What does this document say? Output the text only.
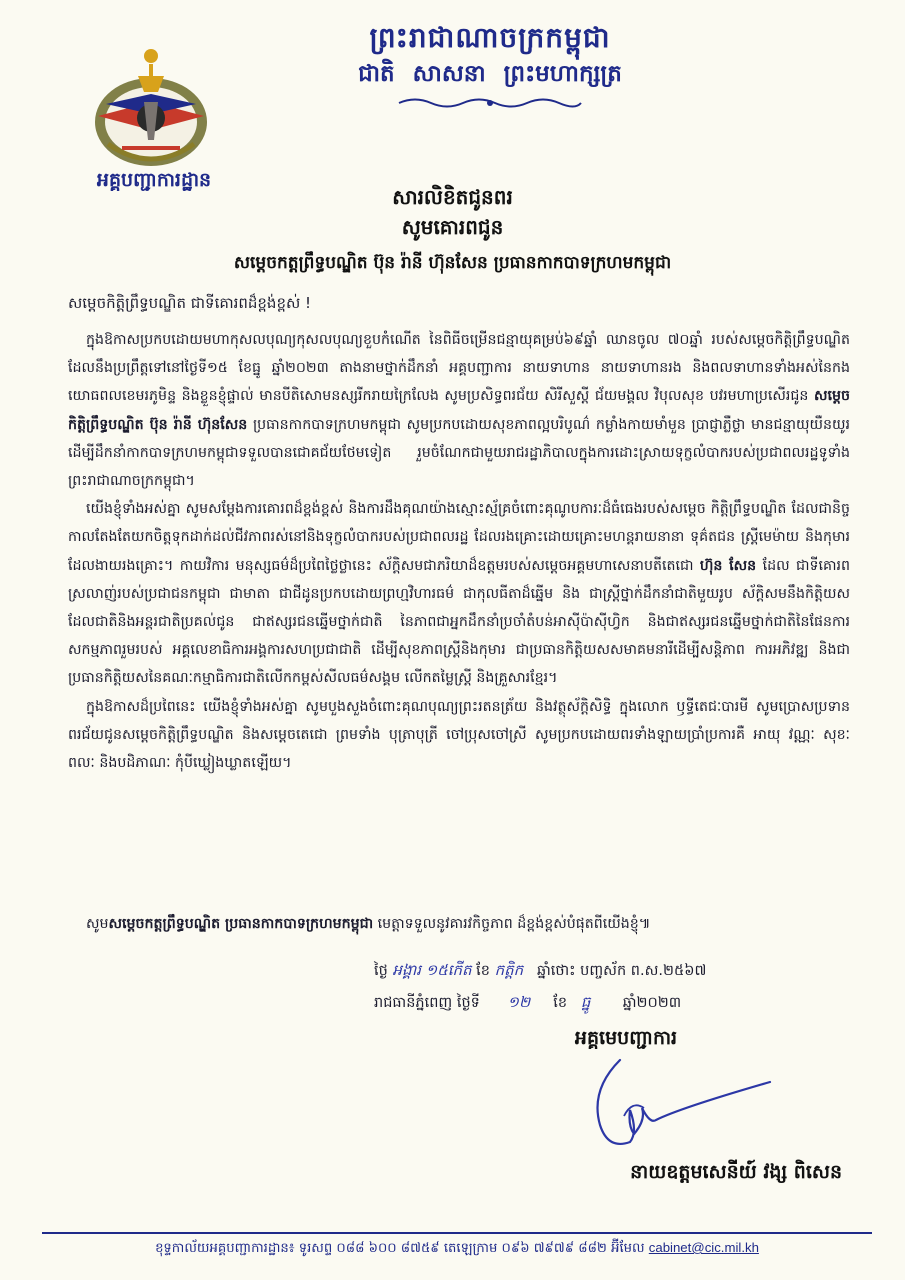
អគ្គបញ្ជាការដ្ឋាន
ព្រះរាជាណាចក្រកម្ពុជា
ជាតិ សាសនា ព្រះមហាក្សត្រ
សារលិខិតជូនពរ
សូមគោរពជូន
សម្តេចកត្តព្រឹទ្ធបណ្ឌិត ប៊ុន រ៉ានី ហ៊ុនសែន ប្រធានកាកបាទក្រហមកម្ពុជា
សម្តេចកិត្តិព្រឹទ្ធបណ្ឌិត ជាទីគោរពដ៏ខ្ពង់ខ្ពស់ !

ក្នុងឱកាសប្រកបដោយមហាកុសលបុណ្យកុសលបុណ្យខួបកំណើត នៃពិធីចម្រើនជន្មាយុគម្រប់៦៩ឆ្នាំ ឈានចូល ៧០ឆ្នាំ របស់សម្តេចកិត្តិព្រឹទ្ធបណ្ឌិត ដែលនឹងប្រព្រឹត្តទៅនៅថ្ងៃទី១៥ ខែធ្នូ ឆ្នាំ២០២៣ តាងនាមថ្នាក់ដឹកនាំ អគ្គបញ្ជាការ នាយទាហាន នាយទាហានរង និងពលទាហានទាំងអស់នៃកងយោធពលខេមរភូមិន្ទ និងខ្លួនខ្ញុំផ្ទាល់ មានបីតិសោមនស្សរីករាយក្រៃលែង សូមប្រសិទ្ធពរជ័យ សិរីសួស្តី ជ័យមង្គល វិបុលសុខ បវរមហាប្រសើរជូន សម្តេចកិត្តិព្រឹទ្ធបណ្ឌិត ប៊ុន រ៉ានី ហ៊ុនសែន ប្រធានកាកបាទក្រហមកម្ពុជា សូមប្រកបដោយសុខភាពល្អបរិបូណ៌ កម្លាំងកាយមាំមួន ប្រាជ្ញាភ្លឺថ្លា មានជន្មាយុយឺនយូរ ដើម្បីដឹកនាំកាកបាទក្រហមកម្ពុជាទទួលបានជោគជ័យថែមទៀត រួមចំណែកជាមួយរាជរដ្ឋាភិបាលក្នុងការដោះស្រាយទុក្ខលំបាករបស់ប្រជាពលរដ្ឋទូទាំងព្រះរាជាណាចក្រកម្ពុជា។

យើងខ្ញុំទាំងអស់គ្នា សូមសម្តែងការគោរពដ៏ខ្ពង់ខ្ពស់ និងការដឹងគុណយ៉ាងស្មោះស្ម័គ្រចំពោះគុណូបការៈដ៏ធំធេងរបស់សម្តេច កិត្តិព្រឹទ្ធបណ្ឌិត ដែលជានិច្ចកាលតែងតែយកចិត្តទុកដាក់ដល់ជីវភាពរស់នៅនិងទុក្ខលំបាករបស់ប្រជាពលរដ្ឋ ដែលរងគ្រោះដោយគ្រោះមហន្តរាយនានា ទុគ៌តជន ស្ត្រីមេម៉ាយ និងកុមារដែលងាយរងគ្រោះ។ កាយវិការ មនុស្សធម៌ដ៏ប្រពៃថ្លៃថ្លានេះ ស័ក្តិសមជាភរិយាដ៏ឧត្តមរបស់សម្តេចអគ្គមហាសេនាបតីតេជោ ហ៊ុន សែន ដែល ជាទីគោរពស្រលាញ់របស់ប្រជាជនកម្ពុជា ជាមាតា ជាជីដូនប្រកបដោយព្រហ្មវិហារធម៌ ជាកុលធីតាដ៏ឆ្នើម និង ជាស្ត្រីថ្នាក់ដឹកនាំជាតិមួយរូប ស័ក្តិសមនឹងកិត្តិយសដែលជាតិនិងអន្តរជាតិប្រគល់ជូន ជាឥស្សរជនឆ្នើមថ្នាក់ជាតិ នៃភាពជាអ្នកដឹកនាំប្រចាំតំបន់អាស៊ីប៉ាស៊ីហ្វិក និងជាឥស្សរជនឆ្នើមថ្នាក់ជាតិនៃផែនការសកម្មភាពរួមរបស់ អគ្គលេខាធិការអង្គការសហប្រជាជាតិ ដើម្បីសុខភាពស្ត្រីនិងកុមារ ជាប្រធានកិត្តិយសសមាគមនារីដើម្បីសន្តិភាព ការអភិវឌ្ឍ និងជាប្រធានកិត្តិយសនៃគណៈកម្មាធិការជាតិលើកកម្ពស់សីលធម៌សង្គម លើកតម្លៃស្ត្រី និងគ្រួសារខ្មែរ។

ក្នុងឱកាសដ៏ប្រពៃនេះ យើងខ្ញុំទាំងអស់គ្នា សូមបួងសួងចំពោះគុណបុណ្យព្រះរតនត្រ័យ និងវត្ថុស័ក្តិសិទ្ធិ ក្នុងលោក ឫទ្ធីតេជៈបារមី សូមប្រោសប្រទានពរជ័យជូនសម្តេចកិត្តិព្រឹទ្ធបណ្ឌិត និងសម្តេចតេជោ ព្រមទាំង បុត្រាបុត្រី ចៅប្រុសចៅស្រី សូមប្រកបដោយពរទាំងឡាយប្រាំប្រការគឺ អាយុ វណ្ណៈ សុខៈ ពលៈ និងបដិភាណៈ កុំបីឃ្លៀងឃ្លាតឡើយ។

សូមសម្តេចកត្តព្រឹទ្ធបណ្ឌិត ប្រធានកាកបាទក្រហមកម្ពុជា មេត្តាទទួលនូវគារវកិច្ចភាព ដ៏ខ្ពង់ខ្ពស់បំផុតពីយើងខ្ញុំ៕

ថ្ងៃ អង្គារ ១៥កើត ខែ កត្តិក ឆ្នាំថោះ បញ្ចស័ក ព.ស.២៥៦៧
រាជធានីភ្នំពេញ ថ្ងៃទី ១២ ខែ ធ្នូ ឆ្នាំ២០២៣
អគ្គមេបញ្ជាការ
នាយឧត្តមសេនីយ៍ វង្ស ពិសេន
ខុទ្ទកាល័យអគ្គបញ្ជាការដ្ឋាន៖ ទូរសព្ទ ០៨៨ ៦០០ ៨៧៥៩ តេឡេក្រាម ០៩៦ ៧៩៧៩ ៨៨២ អ៊ីមែល cabinet@cic.mil.kh
